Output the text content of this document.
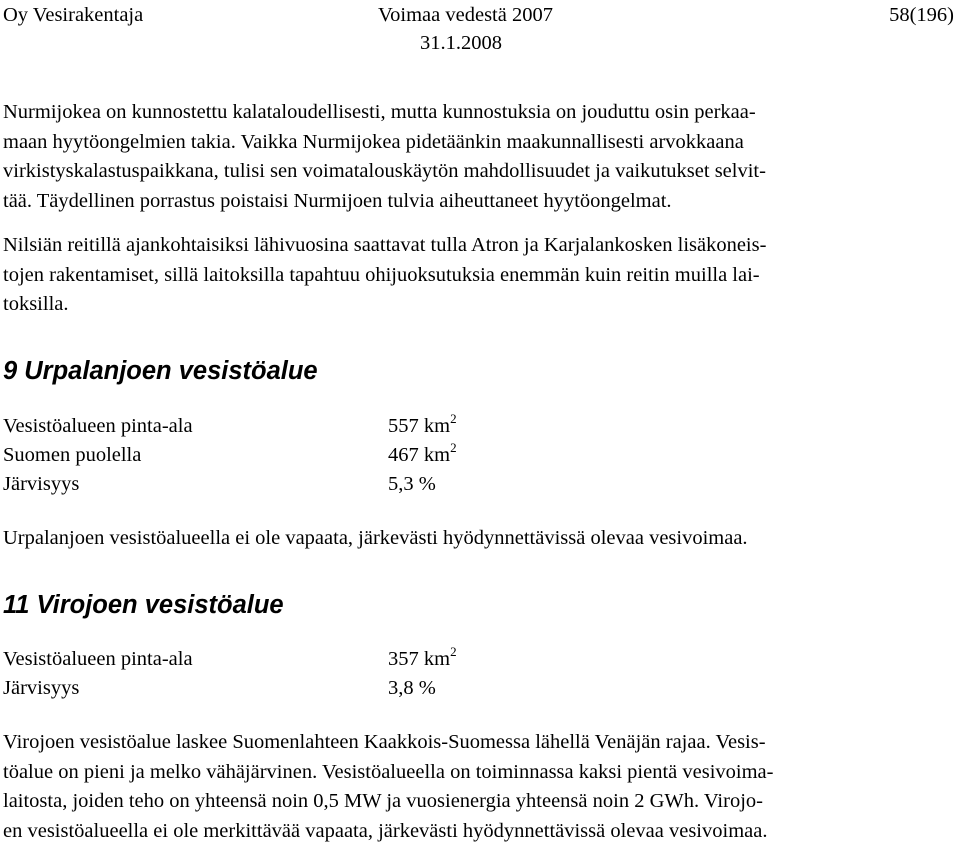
Oy Vesirakentaja	Voimaa vedestä 2007	58(196)
31.1.2008

Nurmijokea on kunnostettu kalataloudellisesti, mutta kunnostuksia on jouduttu osin perkaa-
maan hyytöongelmien takia. Vaikka Nurmijokea pidetäänkin maakunnallisesti arvokkaana
virkistyskalastuspaikkana, tulisi sen voimatalouskäytön mahdollisuudet ja vaikutukset selvit-
tää. Täydellinen porrastus poistaisi Nurmijoen tulvia aiheuttaneet hyytöongelmat.

Nilsiän reitillä ajankohtaisiksi lähivuosina saattavat tulla Atron ja Karjalankosken lisäkoneis-
tojen rakentamiset, sillä laitoksilla tapahtuu ohijuoksutuksia enemmän kuin reitin muilla lai-
toksilla.

9 Urpalanjoen vesistöalue
Vesistöalueen pinta-ala	557 $km^2$
Suomen puolella	467 $km^2$
Järvisyys	5,3 %

Urpalanjoen vesistöalueella ei ole vapaata, järkevästi hyödynnettävissä olevaa vesivoimaa.

11 Virojoen vesistöalue
Vesistöalueen pinta-ala	357 $km^2$
Järvisyys	3,8 %

Virojoen vesistöalue laskee Suomenlahteen Kaakkois-Suomessa lähellä Venäjän rajaa. Vesis-
töalue on pieni ja melko vähäjärvinen. Vesistöalueella on toiminnassa kaksi pientä vesivoima-
laitosta, joiden teho on yhteensä noin 0,5 MW ja vuosienergia yhteensä noin 2 GWh. Virojo-
en vesistöalueella ei ole merkittävää vapaata, järkevästi hyödynnettävissä olevaa vesivoimaa.
